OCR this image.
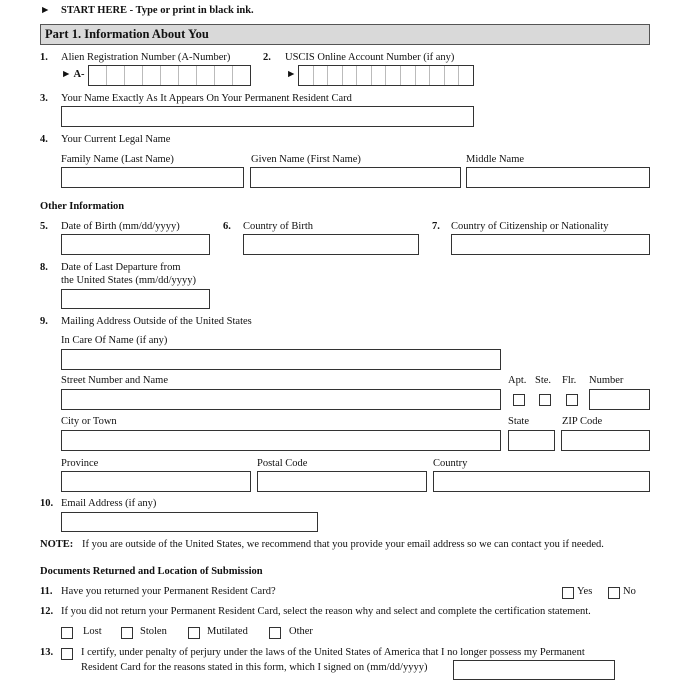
► START HERE - Type or print in black ink.
Part 1. Information About You
1. Alien Registration Number (A-Number)
► A-
2. USCIS Online Account Number (if any)
►
3. Your Name Exactly As It Appears On Your Permanent Resident Card
4. Your Current Legal Name
Family Name (Last Name)	Given Name (First Name)	Middle Name
Other Information
5. Date of Birth (mm/dd/yyyy)	6. Country of Birth	7. Country of Citizenship or Nationality
8. Date of Last Departure from
the United States (mm/dd/yyyy)
9. Mailing Address Outside of the United States
In Care Of Name (if any)
Street Number and Name	Apt. Ste. Flr. Number
City or Town	State	ZIP Code
Province	Postal Code	Country
10. Email Address (if any)
NOTE: If you are outside of the United States, we recommend that you provide your email address so we can contact you if needed.
Documents Returned and Location of Submission
11. Have you returned your Permanent Resident Card?	Yes	No
12. If you did not return your Permanent Resident Card, select the reason why and select and complete the certification statement.
Lost	Stolen	Mutilated	Other
13.	I certify, under penalty of perjury under the laws of the United States of America that I no longer possess my Permanent
Resident Card for the reasons stated in this form, which I signed on (mm/dd/yyyy)
